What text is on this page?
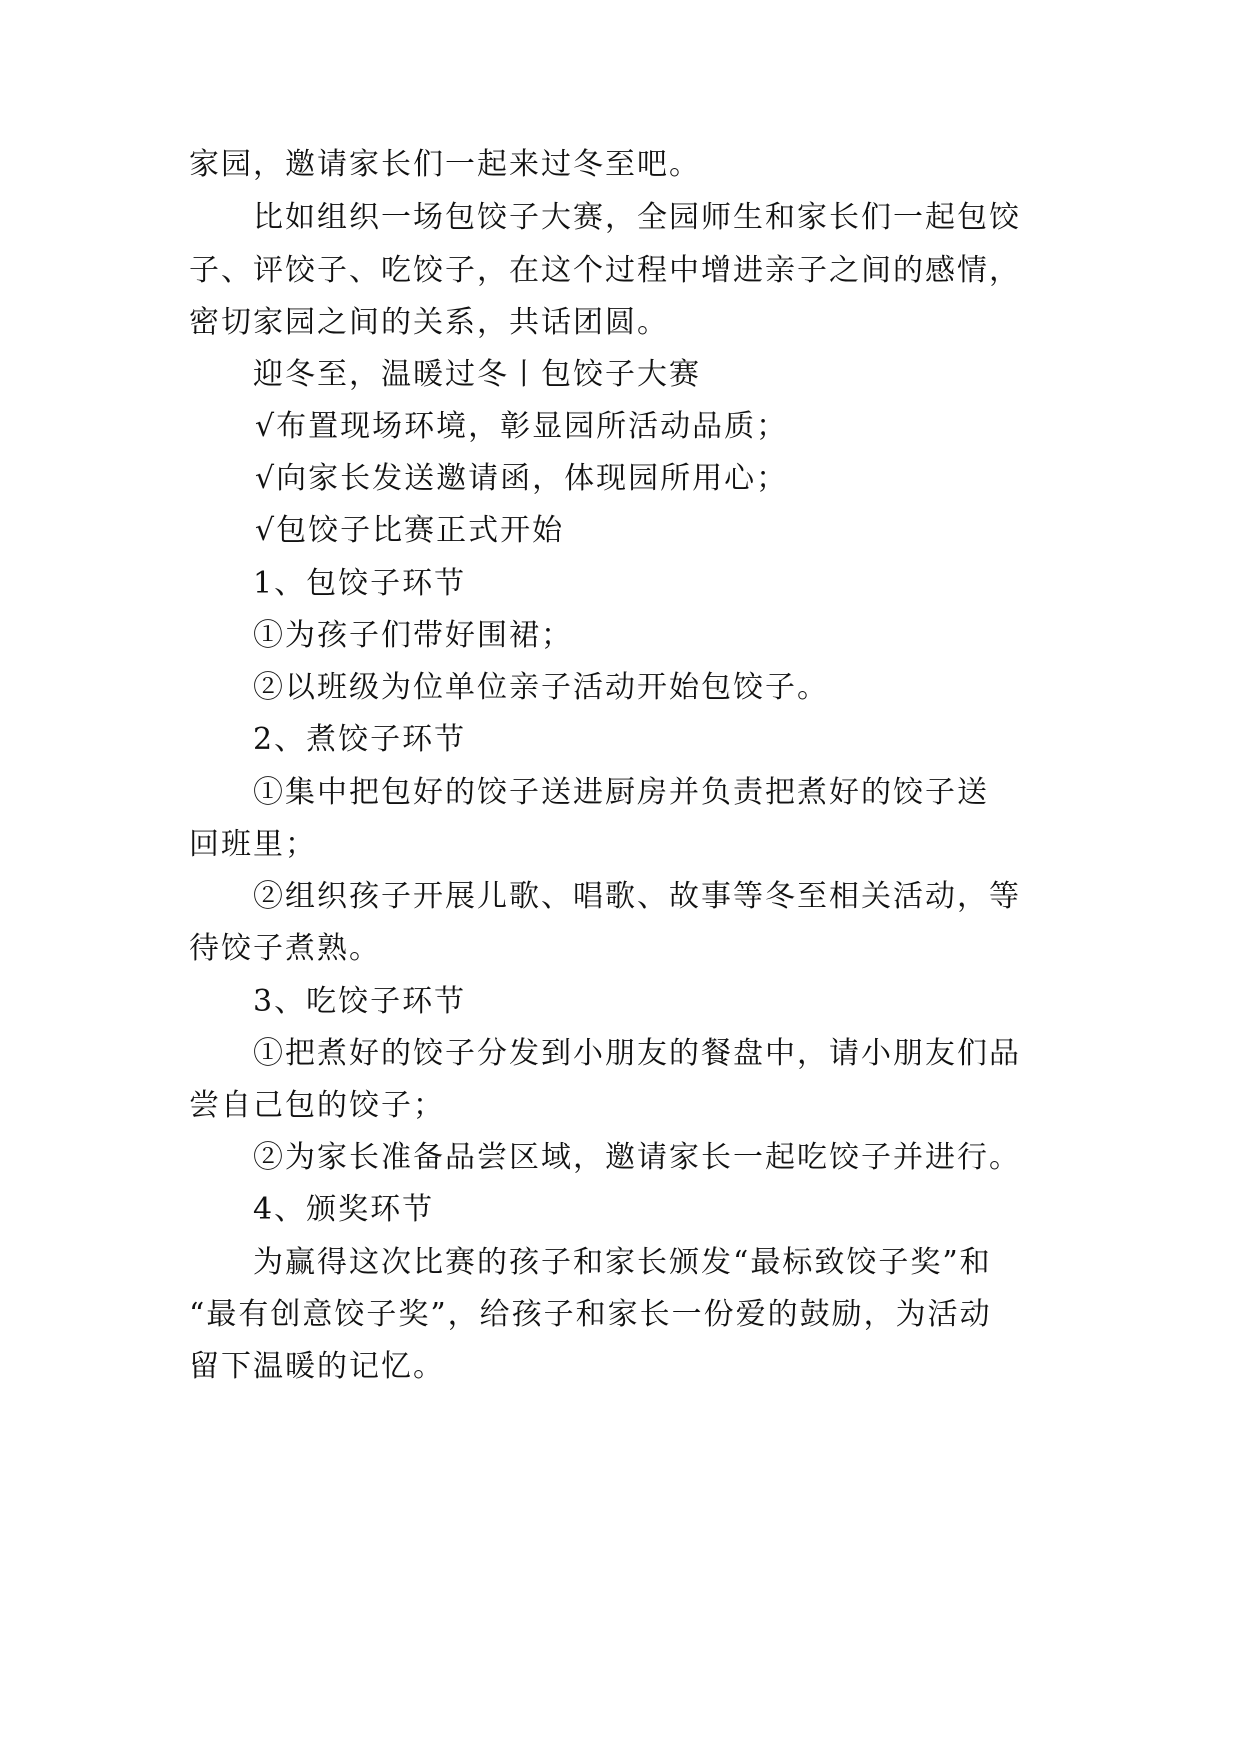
家园，邀请家长们一起来过冬至吧。
比如组织一场包饺子大赛，全园师生和家长们一起包饺
子、评饺子、吃饺子，在这个过程中增进亲子之间的感情，
密切家园之间的关系，共话团圆。
迎冬至，温暖过冬丨包饺子大赛
√布置现场环境，彰显园所活动品质；
√向家长发送邀请函，体现园所用心；
√包饺子比赛正式开始
1、包饺子环节
①为孩子们带好围裙；
②以班级为位单位亲子活动开始包饺子。
2、煮饺子环节
①集中把包好的饺子送进厨房并负责把煮好的饺子送
回班里；
②组织孩子开展儿歌、唱歌、故事等冬至相关活动，等
待饺子煮熟。
3、吃饺子环节
①把煮好的饺子分发到小朋友的餐盘中，请小朋友们品
尝自己包的饺子；
②为家长准备品尝区域，邀请家长一起吃饺子并进行。
4、颁奖环节
为赢得这次比赛的孩子和家长颁发“最标致饺子奖”和
“最有创意饺子奖”，给孩子和家长一份爱的鼓励，为活动
留下温暖的记忆。
